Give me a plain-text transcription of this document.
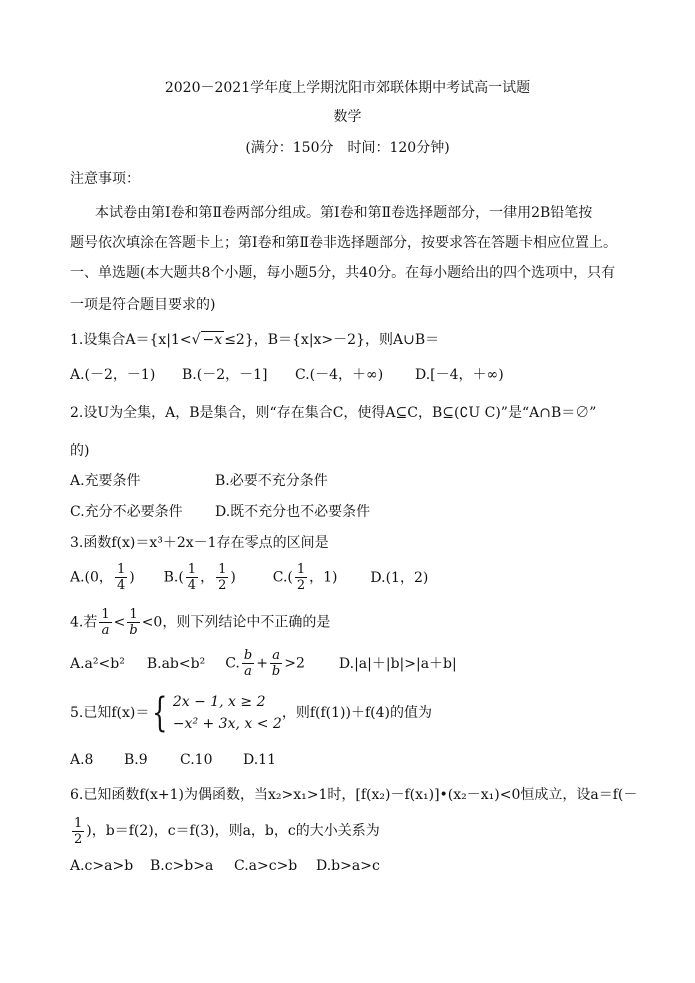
2020－2021学年度上学期沈阳市郊联体期中考试高一试题
数学
(满分：150分　时间：120分钟)
注意事项：
本试卷由第Ⅰ卷和第Ⅱ卷两部分组成。第Ⅰ卷和第Ⅱ卷选择题部分，一律用2B铅笔按
题号依次填涂在答题卡上；第Ⅰ卷和第Ⅱ卷非选择题部分，按要求答在答题卡相应位置上。
一、单选题(本大题共8个小题，每小题5分，共40分。在每小题给出的四个选项中，只有
一项是符合题目要求的)
1.设集合A＝{x|1<√ −x ≤2}，B＝{x|x>－2}，则A∪B＝
A.(－2，－1) B.(－2，－1] C.(－4，＋∞) D.[－4，＋∞)
2.设U为全集，A，B是集合，则“存在集合C，使得A⊆C，B⊆(∁U C)”是“A∩B＝∅”
的)
A.充要条件	B.必要不充分条件
C.充分不必要条件 D.既不充分也不必要条件
3.函数f(x)＝x³＋2x－1存在零点的区间是
A.(0， $\frac{1}{4}$ ) $B.( \frac{1}{4}$ ， $\frac{1}{2}$ )	$C.( \frac{1}{2}$ ，1) D.(1，2)
4.若 $\frac{1}{a} < \frac{1}{b} <0$，则下列结论中不正确的是
A.a²<b² B.ab<b² C. $\frac{b}{a} + \frac{a}{b} >2$ D.|a|＋|b|>|a＋b|
5.已知f(x)＝ { 2x − 1, x ≥ 2
−x² + 3x, x < 2
，则f(f(1))＋f(4)的值为
A.8 B.9 C.10 D.11
6.已知函数f(x+1)为偶函数，当x₂>x₁>1时，[f(x₂)－f(x₁)]•(x₂－x₁)<0恒成立，设a＝f(－
$\frac{1}{2}$ )，b＝f(2)，c＝f(3)，则a，b，c的大小关系为
A.c>a>b B.c>b>a C.a>c>b D.b>a>c
